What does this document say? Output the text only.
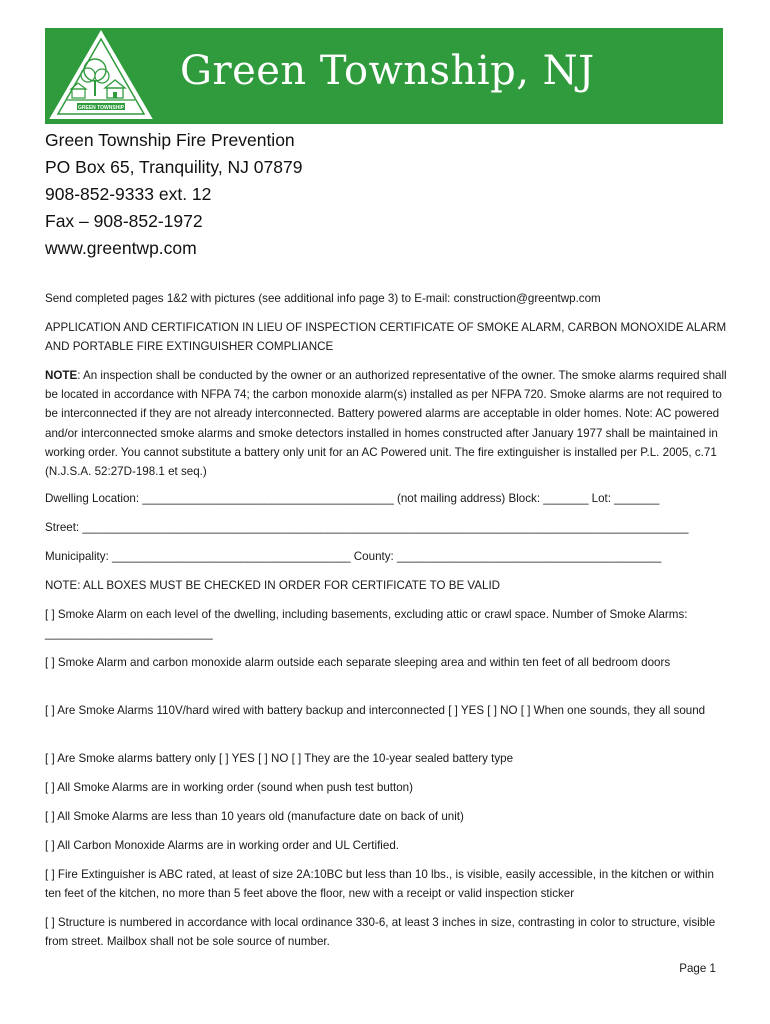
GREEN TOWNSHIP
Green Township, NJ
Green Township Fire Prevention
PO Box 65, Tranquility, NJ 07879
908-852-9333 ext. 12
Fax – 908-852-1972
www.greentwp.com
Send completed pages 1&2 with pictures (see additional info page 3) to E-mail: construction@greentwp.com
APPLICATION AND CERTIFICATION IN LIEU OF INSPECTION CERTIFICATE OF SMOKE ALARM, CARBON MONOXIDE ALARM AND PORTABLE FIRE EXTINGUISHER COMPLIANCE
NOTE: An inspection shall be conducted by the owner or an authorized representative of the owner. The smoke alarms required shall be located in accordance with NFPA 74; the carbon monoxide alarm(s) installed as per NFPA 720. Smoke alarms are not required to be interconnected if they are not already interconnected. Battery powered alarms are acceptable in older homes. Note: AC powered and/or interconnected smoke alarms and smoke detectors installed in homes constructed after January 1977 shall be maintained in working order. You cannot substitute a battery only unit for an AC Powered unit. The fire extinguisher is installed per P.L. 2005, c.71 (N.J.S.A. 52:27D-198.1 et seq.)
Dwelling Location: _______________________________________ (not mailing address) Block: _______ Lot: _______
Street: ______________________________________________________________________________________________
Municipality: _____________________________________ County: _________________________________________
NOTE: ALL BOXES MUST BE CHECKED IN ORDER FOR CERTIFICATE TO BE VALID
[ ] Smoke Alarm on each level of the dwelling, including basements, excluding attic or crawl space. Number of Smoke Alarms: __________________________
[ ] Smoke Alarm and carbon monoxide alarm outside each separate sleeping area and within ten feet of all bedroom doors
[ ] Are Smoke Alarms 110V/hard wired with battery backup and interconnected [ ] YES [ ] NO [ ] When one sounds, they all sound
[ ] Are Smoke alarms battery only [ ] YES [ ] NO [ ] They are the 10-year sealed battery type
[ ] All Smoke Alarms are in working order (sound when push test button)
[ ] All Smoke Alarms are less than 10 years old (manufacture date on back of unit)
[ ] All Carbon Monoxide Alarms are in working order and UL Certified.
[ ] Fire Extinguisher is ABC rated, at least of size 2A:10BC but less than 10 lbs., is visible, easily accessible, in the kitchen or within ten feet of the kitchen, no more than 5 feet above the floor, new with a receipt or valid inspection sticker
[ ] Structure is numbered in accordance with local ordinance 330-6, at least 3 inches in size, contrasting in color to structure, visible from street. Mailbox shall not be sole source of number.
Page 1
